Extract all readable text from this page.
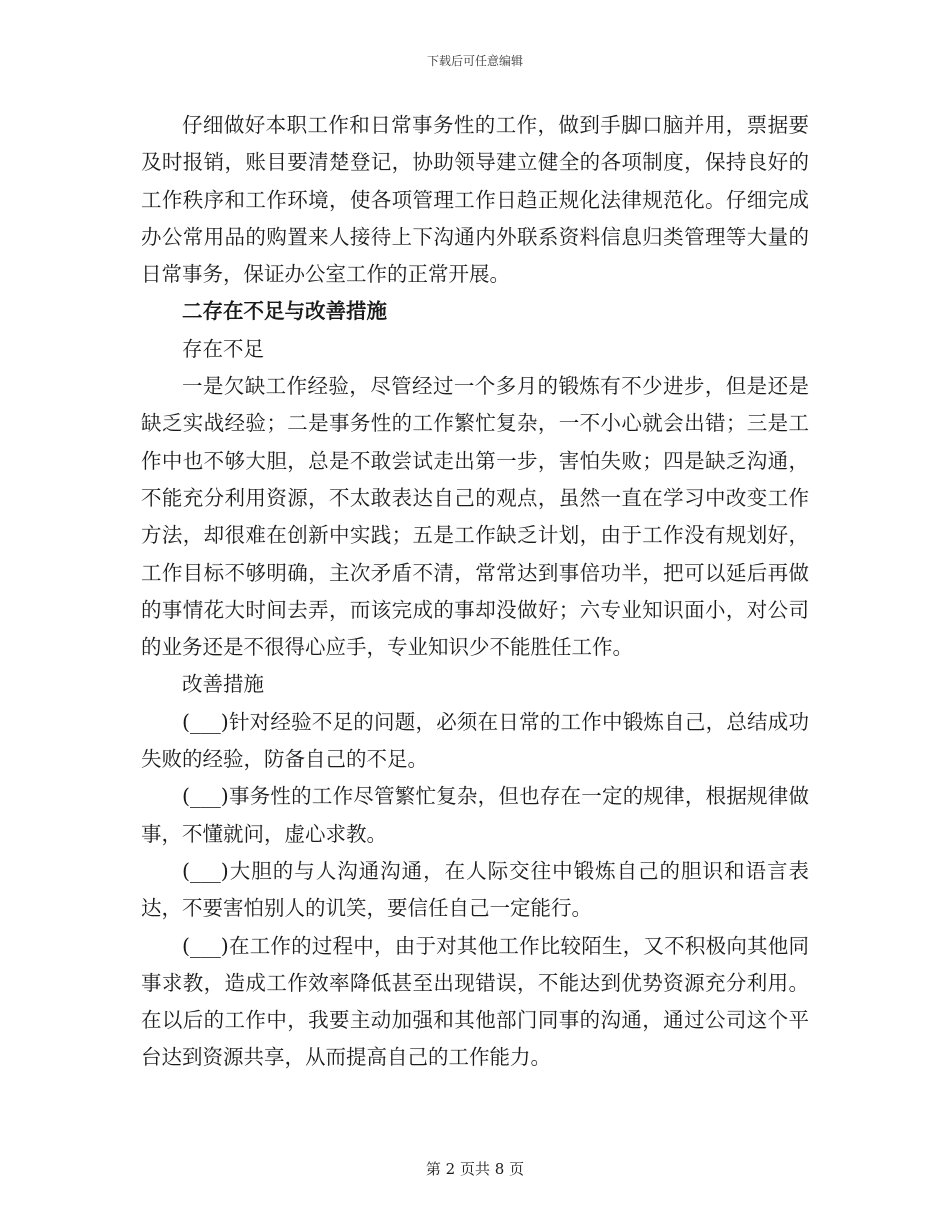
下载后可任意编辑

仔细做好本职工作和日常事务性的工作，做到手脚口脑并用，票据要及时报销，账目要清楚登记，协助领导建立健全的各项制度，保持良好的工作秩序和工作环境，使各项管理工作日趋正规化法律规范化。仔细完成办公常用品的购置来人接待上下沟通内外联系资料信息归类管理等大量的日常事务，保证办公室工作的正常开展。

二存在不足与改善措施

存在不足

一是欠缺工作经验，尽管经过一个多月的锻炼有不少进步，但是还是缺乏实战经验；二是事务性的工作繁忙复杂，一不小心就会出错；三是工作中也不够大胆，总是不敢尝试走出第一步，害怕失败；四是缺乏沟通，不能充分利用资源，不太敢表达自己的观点，虽然一直在学习中改变工作方法，却很难在创新中实践；五是工作缺乏计划，由于工作没有规划好，工作目标不够明确，主次矛盾不清，常常达到事倍功半，把可以延后再做的事情花大时间去弄，而该完成的事却没做好；六专业知识面小，对公司的业务还是不很得心应手，专业知识少不能胜任工作。

改善措施

(___)针对经验不足的问题，必须在日常的工作中锻炼自己，总结成功失败的经验，防备自己的不足。

(___)事务性的工作尽管繁忙复杂，但也存在一定的规律，根据规律做事，不懂就问，虚心求教。

(___)大胆的与人沟通沟通，在人际交往中锻炼自己的胆识和语言表达，不要害怕别人的讥笑，要信任自己一定能行。

(___)在工作的过程中，由于对其他工作比较陌生，又不积极向其他同事求教，造成工作效率降低甚至出现错误，不能达到优势资源充分利用。在以后的工作中，我要主动加强和其他部门同事的沟通，通过公司这个平台达到资源共享，从而提高自己的工作能力。

第 2 页共 8 页
